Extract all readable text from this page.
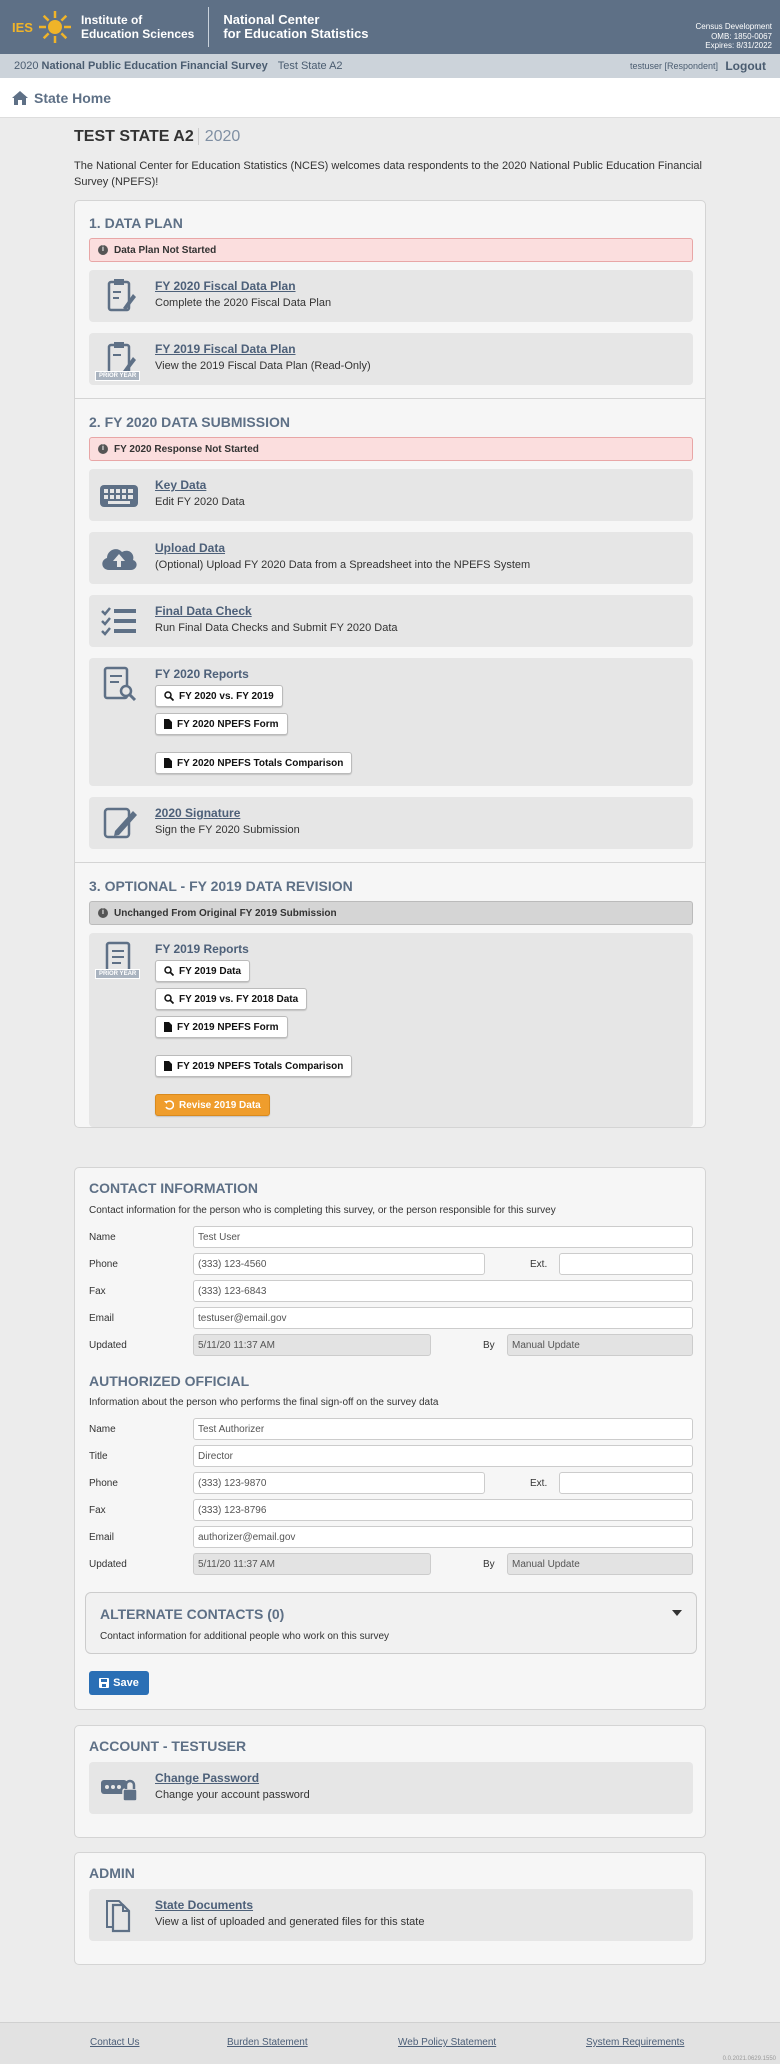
IES	Institute of
Education Sciences
National Center
for Education Statistics	Census Development
OMB: 1850-0067
Expires: 8/31/2022
2020
National Public Education Financial Survey Test State A2	testuser [Respondent] Logout
State Home
TEST STATE A2 2020
The National Center for Education Statistics (NCES) welcomes data respondents to the 2020 National Public Education Financial Survey (NPEFS)!
1. DATA PLAN
i	Data Plan Not Started
FY 2020 Fiscal Data Plan
Complete the 2020 Fiscal Data Plan
PRIOR YEAR
FY 2019 Fiscal Data Plan
View the 2019 Fiscal Data Plan (Read-Only)
2. FY 2020 DATA SUBMISSION
i	FY 2020 Response Not Started
Key Data
Edit FY 2020 Data
Upload Data
(Optional) Upload FY 2020 Data from a Spreadsheet into the NPEFS System
Final Data Check
Run Final Data Checks and Submit FY 2020 Data
FY 2020 Reports
FY 2020 vs. FY 2019
FY 2020 NPEFS Form
FY 2020 NPEFS Totals Comparison
2020 Signature
Sign the FY 2020 Submission
3. OPTIONAL - FY 2019 DATA REVISION
i	Unchanged From Original FY 2019 Submission
PRIOR YEAR
FY 2019 Reports
FY 2019 Data
FY 2019 vs. FY 2018 Data
FY 2019 NPEFS Form
FY 2019 NPEFS Totals Comparison
Revise 2019 Data
CONTACT INFORMATION
Contact information for the person who is completing this survey, or the person responsible for this survey
Name	Test User
Phone	(333) 123-4560	Ext.
Fax	(333) 123-6843
Email	testuser@email.gov
Updated	5/11/20 11:37 AM	By	Manual Update
AUTHORIZED OFFICIAL
Information about the person who performs the final sign-off on the survey data
Name	Test Authorizer
Title	Director
Phone	(333) 123-9870	Ext.
Fax	(333) 123-8796
Email	authorizer@email.gov
Updated	5/11/20 11:37 AM	By	Manual Update
ALTERNATE CONTACTS (0)
Contact information for additional people who work on this survey
Save
ACCOUNT - TESTUSER
Change Password
Change your account password
ADMIN
State Documents
View a list of uploaded and generated files for this state
Contact Us	Burden Statement	Web Policy Statement	System Requirements
0.0.2021.0629.1550
